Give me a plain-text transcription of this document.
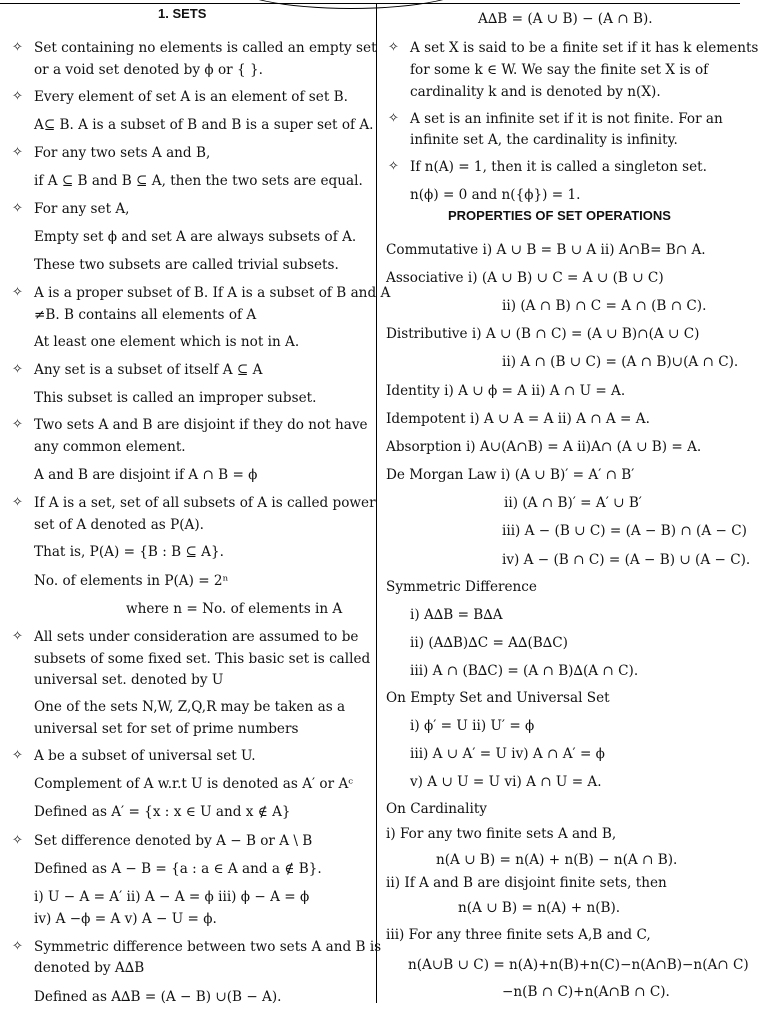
1. SETS
✧ Set containing no elements is called an empty set
or a void set denoted by ϕ or { }.
✧ Every element of set A is an element of set B.
A⊆ B. A is a subset of B and B is a super set of A.
✧ For any two sets A and B,
if A ⊆ B and B ⊆ A, then the two sets are equal.
✧ For any set A,
Empty set ϕ and set A are always subsets of A.
These two subsets are called trivial subsets.
✧ A is a proper subset of B. If A is a subset of B and A
≠B. B contains all elements of A
At least one element which is not in A.
✧ Any set is a subset of itself A ⊆ A
This subset is called an improper subset.
✧ Two sets A and B are disjoint if they do not have
any common element.
A and B are disjoint if A ∩ B = ϕ
✧ If A is a set, set of all subsets of A is called power
set of A denoted as P(A).
That is, P(A) = {B : B ⊆ A}.
No. of elements in P(A) = 2ⁿ
where n = No. of elements in A
✧ All sets under consideration are assumed to be
subsets of some fixed set. This basic set is called
universal set. denoted by U
One of the sets N,W, Z,Q,R may be taken as a
universal set for set of prime numbers
✧ A be a subset of universal set U.
Complement of A w.r.t U is denoted as A′ or Aᶜ
Defined as A′ = {x : x ∈ U and x ∉ A}
✧ Set difference denoted by A − B or A \ B
Defined as A − B = {a : a ∈ A and a ∉ B}.
i) U − A = A′ ii) A − A = ϕ iii) ϕ − A = ϕ
iv) A −ϕ = A v) A − U = ϕ.
✧ Symmetric difference between two sets A and B is
denoted by A∆B
Defined as A∆B = (A − B) ∪(B − A).
PROPERTIES OF SET OPERATIONS
A∆B = (A ∪ B) − (A ∩ B).
✧ A set X is said to be a finite set if it has k elements
for some k ∈ W. We say the finite set X is of
cardinality k and is denoted by n(X).
✧ A set is an infinite set if it is not finite. For an
infinite set A, the cardinality is infinity.
✧ If n(A) = 1, then it is called a singleton set.
n(ϕ) = 0 and n({ϕ}) = 1.
Commutative i) A ∪ B = B ∪ A ii) A∩B= B∩ A.
Associative i) (A ∪ B) ∪ C = A ∪ (B ∪ C)
ii) (A ∩ B) ∩ C = A ∩ (B ∩ C).
Distributive i) A ∪ (B ∩ C) = (A ∪ B)∩(A ∪ C)
ii) A ∩ (B ∪ C) = (A ∩ B)∪(A ∩ C).
Identity i) A ∪ ϕ = A ii) A ∩ U = A.
Idempotent i) A ∪ A = A ii) A ∩ A = A.
Absorption i) A∪(A∩B) = A ii)A∩ (A ∪ B) = A.
De Morgan Law i) (A ∪ B)′ = A′ ∩ B′
ii) (A ∩ B)′ = A′ ∪ B′
iii) A − (B ∪ C) = (A − B) ∩ (A − C)
iv) A − (B ∩ C) = (A − B) ∪ (A − C).
Symmetric Difference
i) A∆B = B∆A
ii) (A∆B)∆C = A∆(B∆C)
iii) A ∩ (B∆C) = (A ∩ B)∆(A ∩ C).
On Empty Set and Universal Set
i) ϕ′ = U ii) U′ = ϕ
iii) A ∪ A′ = U iv) A ∩ A′ = ϕ
v) A ∪ U = U vi) A ∩ U = A.
On Cardinality
i) For any two finite sets A and B,
n(A ∪ B) = n(A) + n(B) − n(A ∩ B).
ii) If A and B are disjoint finite sets, then
n(A ∪ B) = n(A) + n(B).
iii) For any three finite sets A,B and C,
n(A∪B ∪ C) = n(A)+n(B)+n(C)−n(A∩B)−n(A∩ C)
−n(B ∩ C)+n(A∩B ∩ C).
